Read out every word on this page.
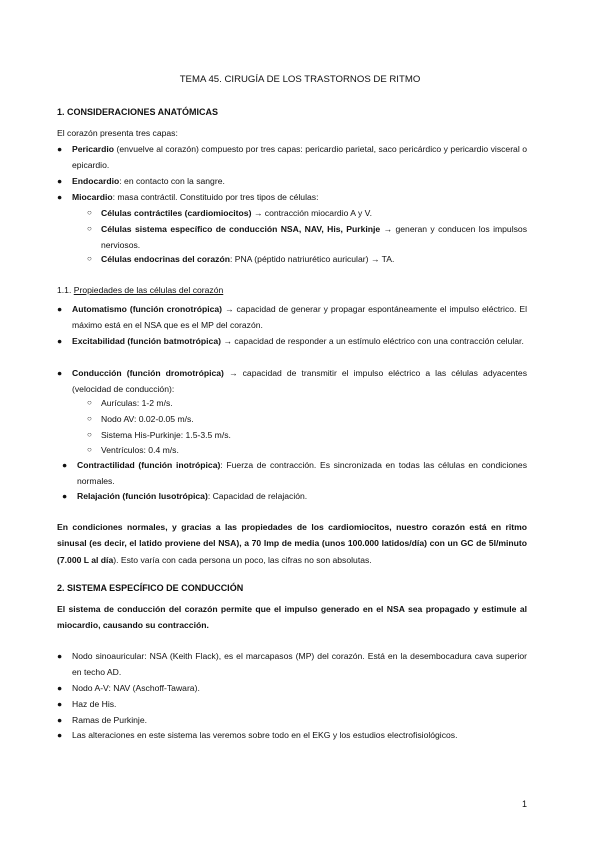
TEMA 45. CIRUGÍA DE LOS TRASTORNOS DE RITMO
1. CONSIDERACIONES ANATÓMICAS
El corazón presenta tres capas:
● Pericardio (envuelve al corazón) compuesto por tres capas: pericardio parietal, saco pericárdico y pericardio visceral o epicardio.
● Endocardio: en contacto con la sangre.
● Miocardio: masa contráctil. Constituido por tres tipos de células:
○ Células contráctiles (cardiomiocitos) → contracción miocardio A y V.
○ Células sistema específico de conducción NSA, NAV, His, Purkinje → generan y conducen los impulsos nerviosos.
○ Células endocrinas del corazón: PNA (péptido natriurético auricular) → TA.
1.1. Propiedades de las células del corazón
● Automatismo (función cronotrópica) → capacidad de generar y propagar espontáneamente el impulso eléctrico. El máximo está en el NSA que es el MP del corazón.
● Excitabilidad (función batmotrópica) → capacidad de responder a un estímulo eléctrico con una contracción celular.
● Conducción (función dromotrópica) → capacidad de transmitir el impulso eléctrico a las células adyacentes (velocidad de conducción):
○ Aurículas: 1-2 m/s.
○ Nodo AV: 0.02-0.05 m/s.
○ Sistema His-Purkinje: 1.5-3.5 m/s.
○ Ventrículos: 0.4 m/s.
● Contractilidad (función inotrópica): Fuerza de contracción. Es sincronizada en todas las células en condiciones normales.
● Relajación (función lusotrópica): Capacidad de relajación.
En condiciones normales, y gracias a las propiedades de los cardiomiocitos, nuestro corazón está en ritmo sinusal (es decir, el latido proviene del NSA), a 70 lmp de media (unos 100.000 latidos/día) con un GC de 5l/minuto (7.000 L al día). Esto varía con cada persona un poco, las cifras no son absolutas.
2. SISTEMA ESPECÍFICO DE CONDUCCIÓN
El sistema de conducción del corazón permite que el impulso generado en el NSA sea propagado y estimule al miocardio, causando su contracción.
● Nodo sinoauricular: NSA (Keith Flack), es el marcapasos (MP) del corazón. Está en la desembocadura cava superior en techo AD.
● Nodo A-V: NAV (Aschoff-Tawara).
● Haz de His.
● Ramas de Purkinje.
● Las alteraciones en este sistema las veremos sobre todo en el EKG y los estudios electrofisiológicos.
1
